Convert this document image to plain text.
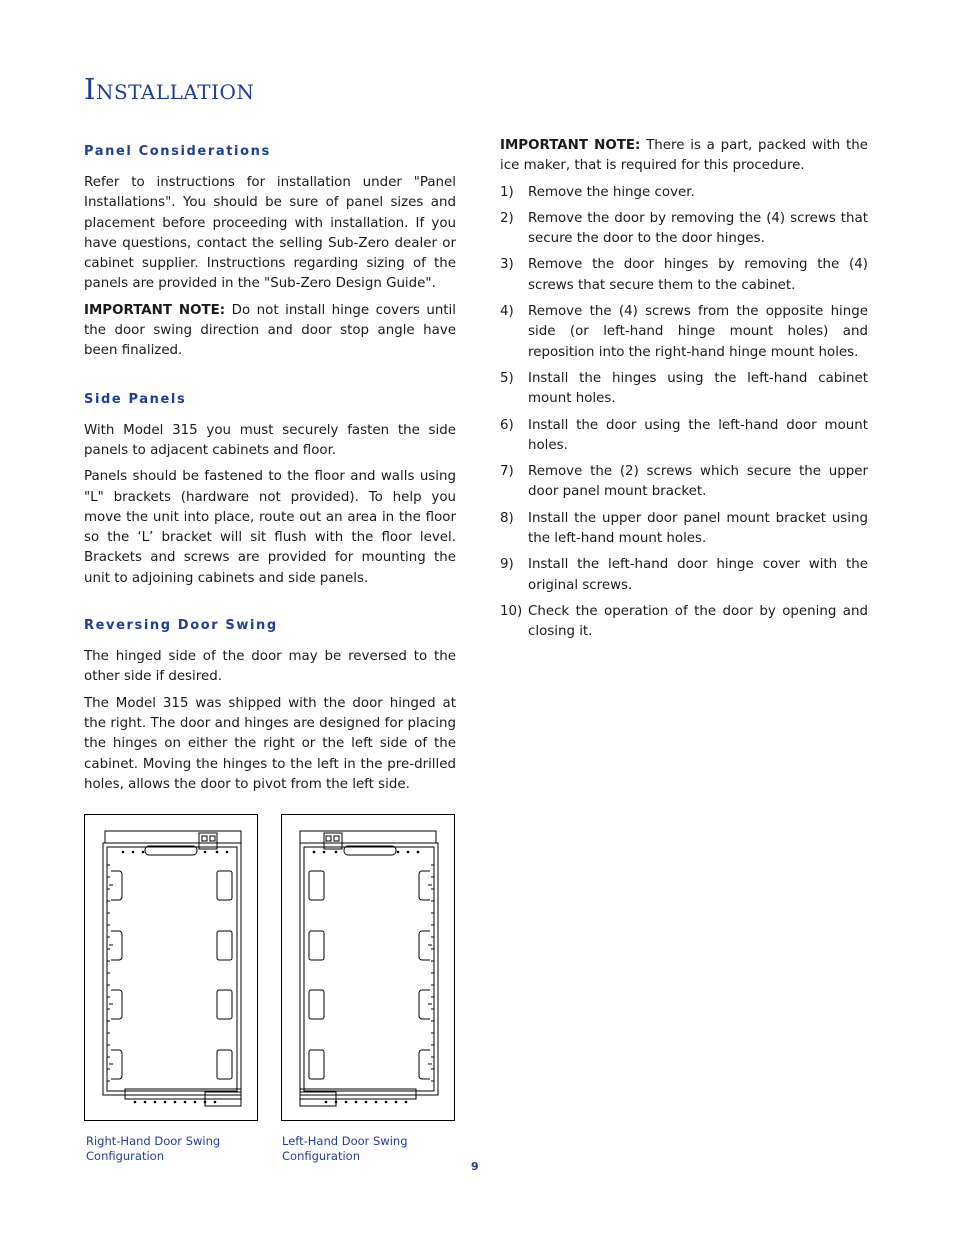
Installation
Panel Considerations

Refer to instructions for installation under "Panel Installations". You should be sure of panel sizes and placement before proceeding with installation. If you have questions, contact the selling Sub-Zero dealer or cabinet supplier. Instructions regarding sizing of the panels are provided in the "Sub-Zero Design Guide".

IMPORTANT NOTE: Do not install hinge covers until the door swing direction and door stop angle have been finalized.

Side Panels

With Model 315 you must securely fasten the side panels to adjacent cabinets and floor.

Panels should be fastened to the floor and walls using "L" brackets (hardware not provided). To help you move the unit into place, route out an area in the floor so the ‘L’ bracket will sit flush with the floor level. Brackets and screws are provided for mounting the unit to adjoining cabinets and side panels.

Reversing Door Swing

The hinged side of the door may be reversed to the other side if desired.

The Model 315 was shipped with the door hinged at the right. The door and hinges are designed for placing the hinges on either the right or the left side of the cabinet. Moving the hinges to the left in the pre-drilled holes, allows the door to pivot from the left side.

IMPORTANT NOTE: There is a part, packed with the ice maker, that is required for this procedure.

1) Remove the hinge cover.
2) Remove the door by removing the (4) screws that secure the door to the door hinges.
3) Remove the door hinges by removing the (4) screws that secure them to the cabinet.
4) Remove the (4) screws from the opposite hinge side (or left-hand hinge mount holes) and reposition into the right-hand hinge mount holes.
5) Install the hinges using the left-hand cabinet mount holes.
6) Install the door using the left-hand door mount holes.
7) Remove the (2) screws which secure the upper door panel mount bracket.
8) Install the upper door panel mount bracket using the left-hand mount holes.
9) Install the left-hand door hinge cover with the original screws.
10) Check the operation of the door by opening and closing it.
Right-Hand Door Swing Configuration
Left-Hand Door Swing Configuration
9
